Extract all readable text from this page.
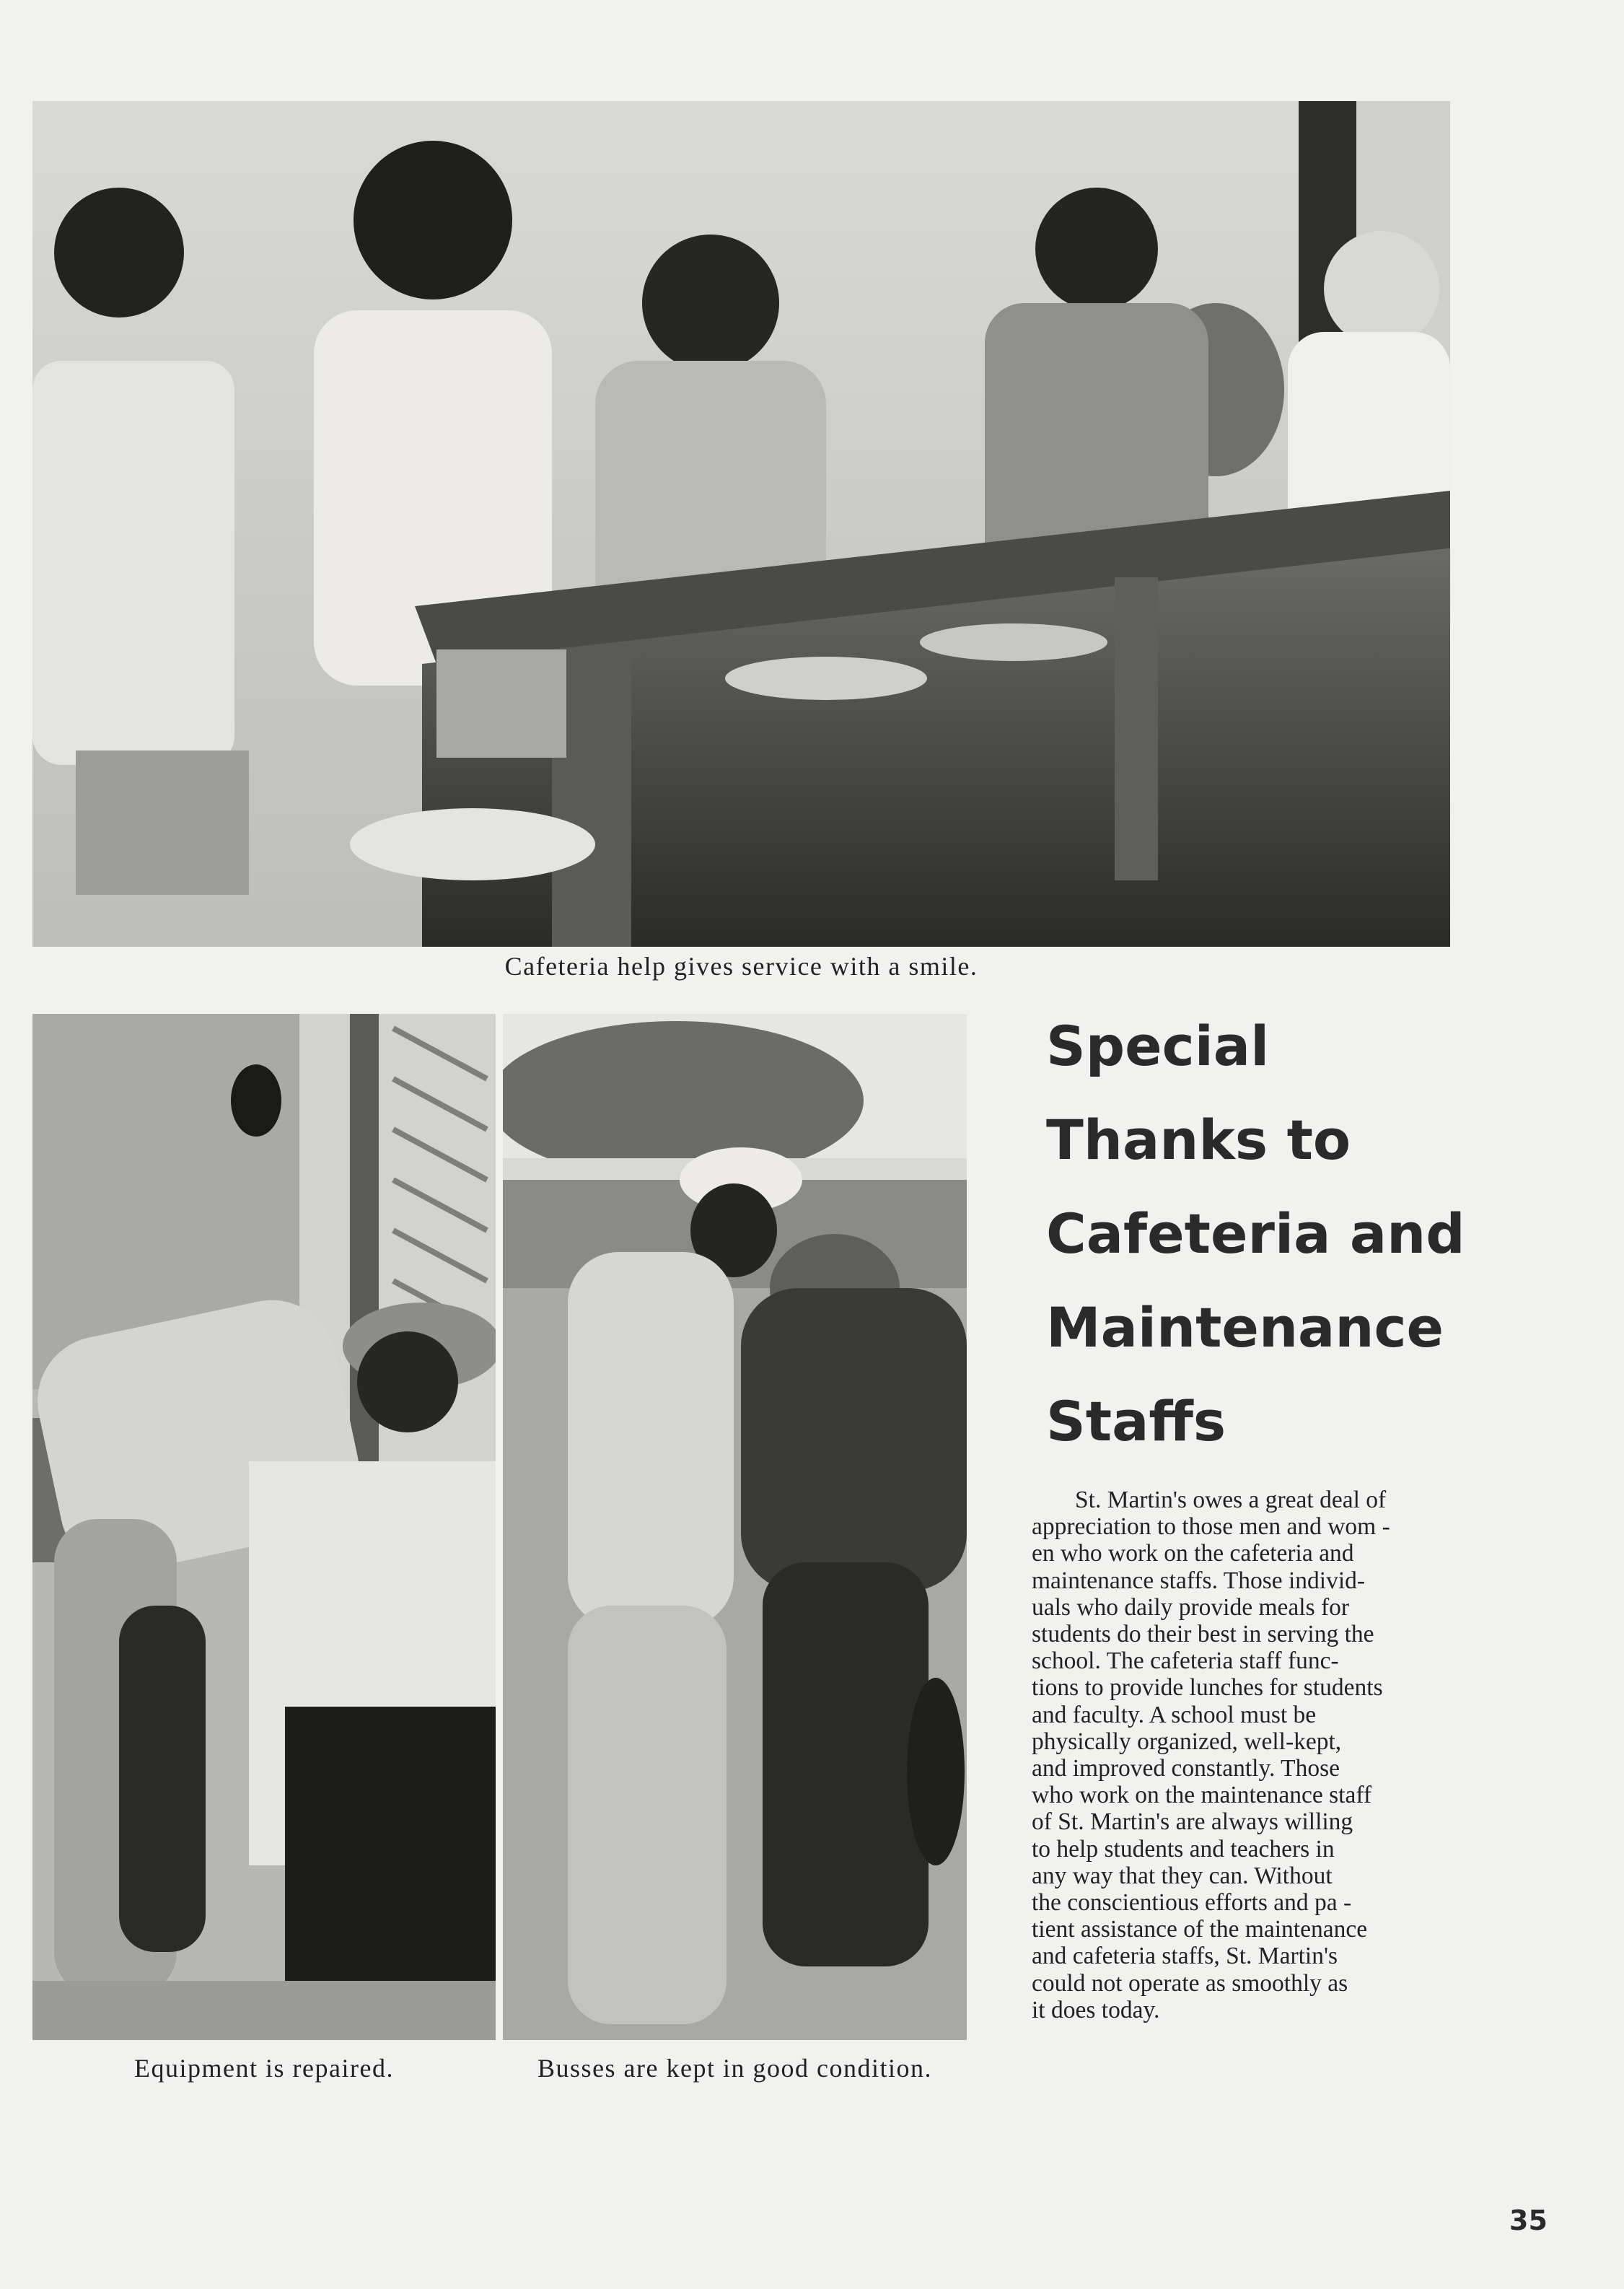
Cafeteria help gives service with a smile.
Equipment is repaired.	Busses are kept in good condition.
Special
Thanks to
Cafeteria and
Maintenance
Staffs
St. Martin's owes a great deal of
appreciation to those men and wom -
en who work on the cafeteria and
maintenance staffs. Those individ-
uals who daily provide meals for
students do their best in serving the
school. The cafeteria staff func-
tions to provide lunches for students
and faculty. A school must be
physically organized, well-kept,
and improved constantly. Those
who work on the maintenance staff
of St. Martin's are always willing
to help students and teachers in
any way that they can. Without
the conscientious efforts and pa -
tient assistance of the maintenance
and cafeteria staffs, St. Martin's
could not operate as smoothly as
it does today.
35
